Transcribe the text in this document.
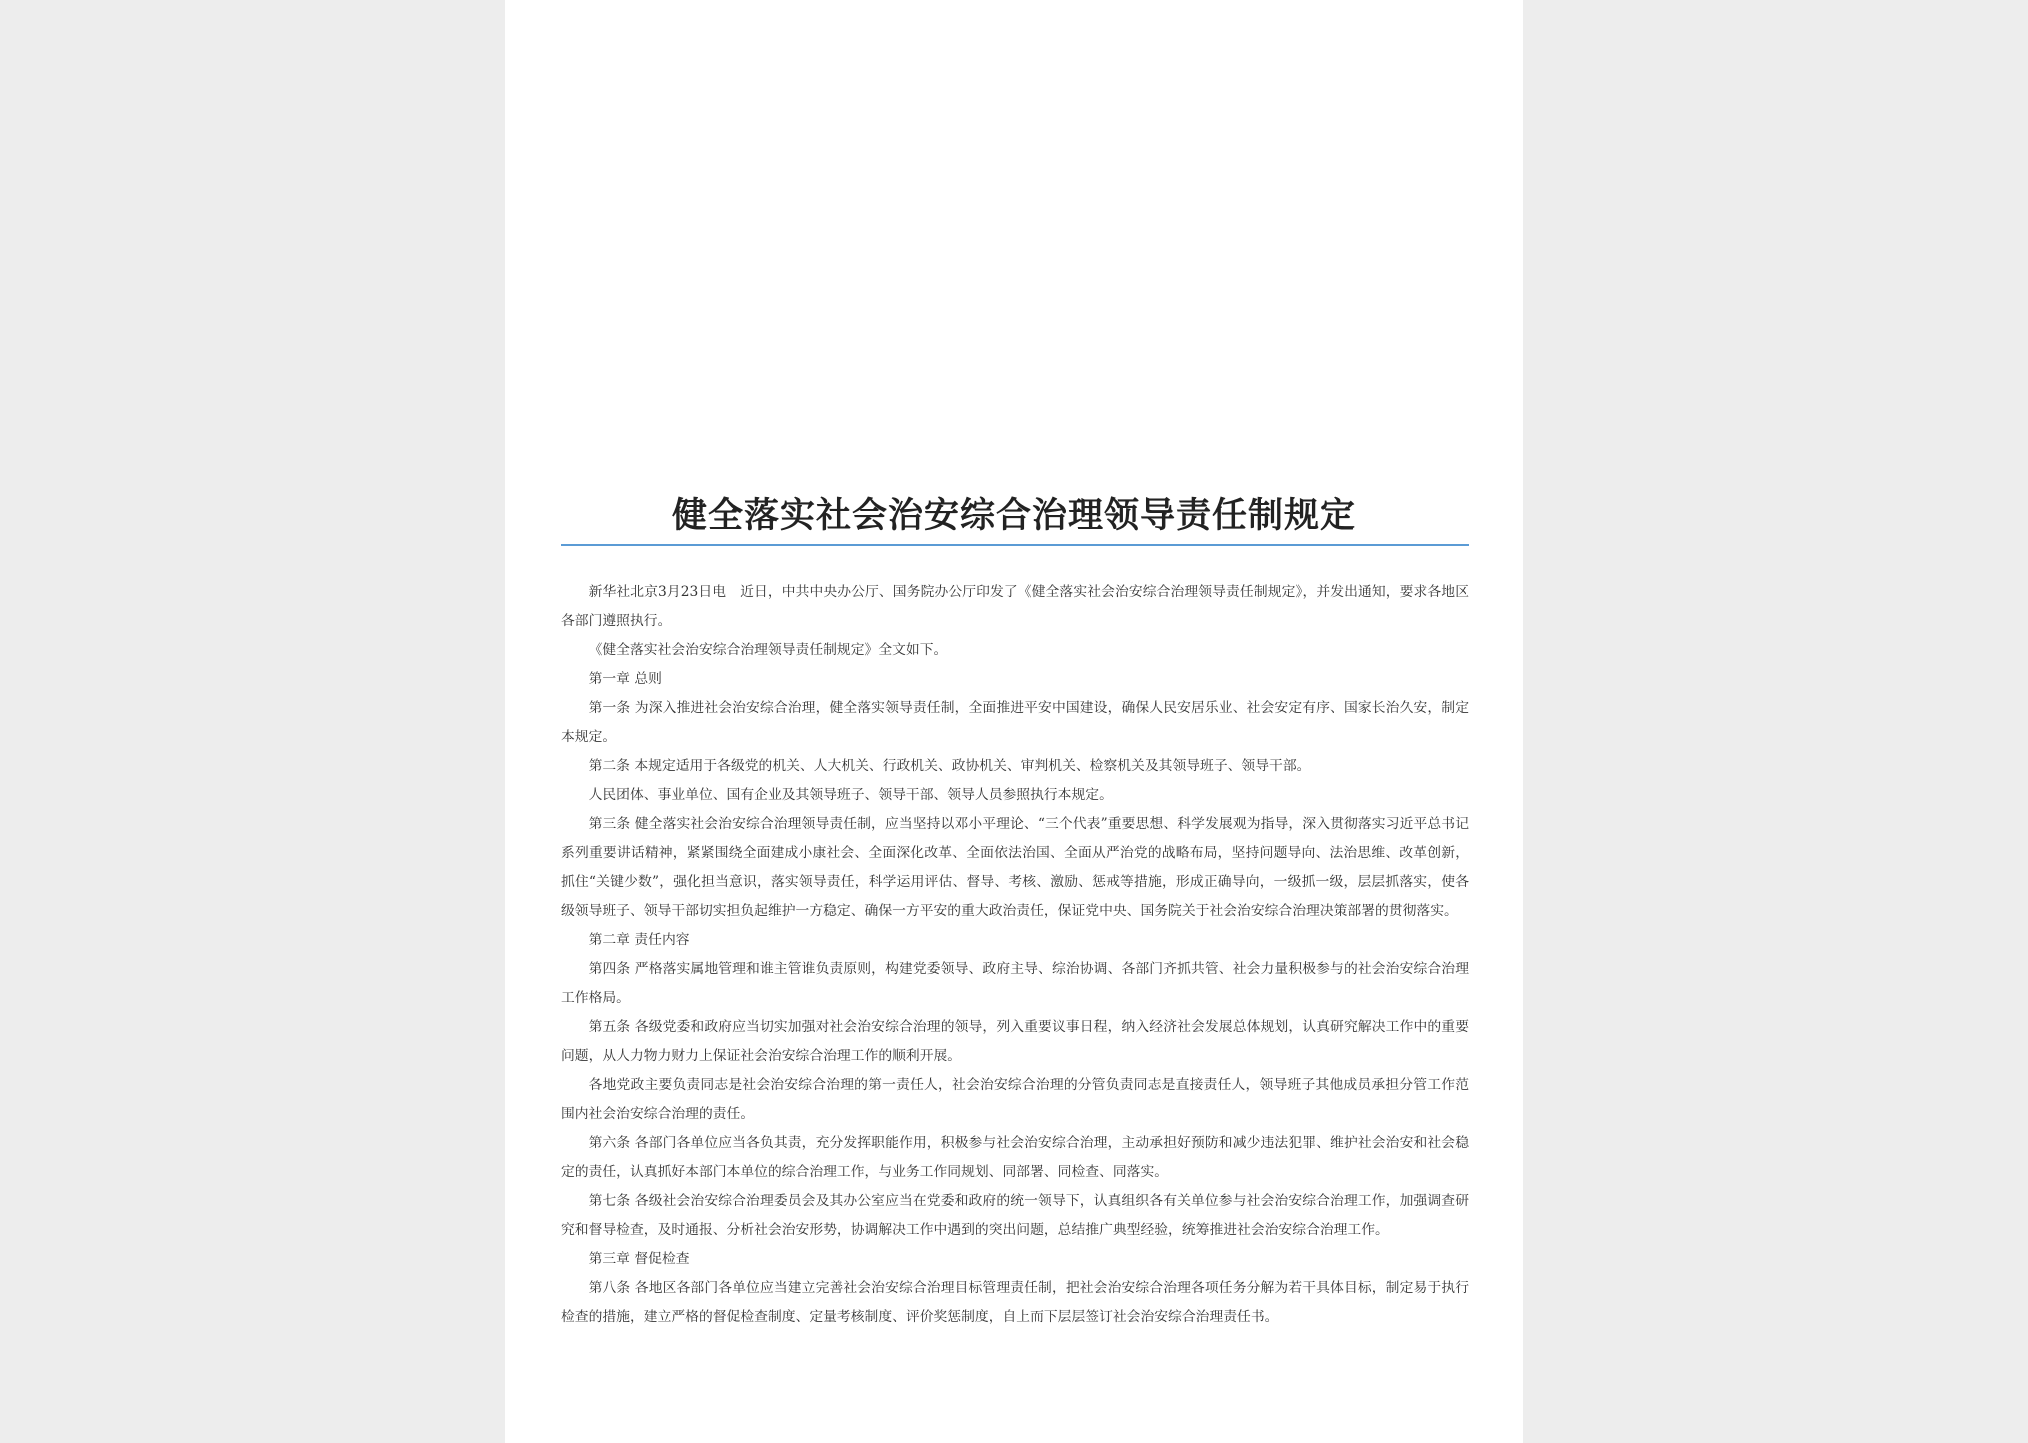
健全落实社会治安综合治理领导责任制规定

新华社北京3月23日电　近日，中共中央办公厅、国务院办公厅印发了《健全落实社会治安综合治理领导责任制规定》，并发出通知，要求各地区各部门遵照执行。

《健全落实社会治安综合治理领导责任制规定》全文如下。

第一章 总则

第一条 为深入推进社会治安综合治理，健全落实领导责任制，全面推进平安中国建设，确保人民安居乐业、社会安定有序、国家长治久安，制定本规定。

第二条 本规定适用于各级党的机关、人大机关、行政机关、政协机关、审判机关、检察机关及其领导班子、领导干部。

人民团体、事业单位、国有企业及其领导班子、领导干部、领导人员参照执行本规定。

第三条 健全落实社会治安综合治理领导责任制，应当坚持以邓小平理论、“三个代表”重要思想、科学发展观为指导，深入贯彻落实习近平总书记系列重要讲话精神，紧紧围绕全面建成小康社会、全面深化改革、全面依法治国、全面从严治党的战略布局，坚持问题导向、法治思维、改革创新，抓住“关键少数”，强化担当意识，落实领导责任，科学运用评估、督导、考核、激励、惩戒等措施，形成正确导向，一级抓一级，层层抓落实，使各级领导班子、领导干部切实担负起维护一方稳定、确保一方平安的重大政治责任，保证党中央、国务院关于社会治安综合治理决策部署的贯彻落实。

第二章 责任内容

第四条 严格落实属地管理和谁主管谁负责原则，构建党委领导、政府主导、综治协调、各部门齐抓共管、社会力量积极参与的社会治安综合治理工作格局。

第五条 各级党委和政府应当切实加强对社会治安综合治理的领导，列入重要议事日程，纳入经济社会发展总体规划，认真研究解决工作中的重要问题，从人力物力财力上保证社会治安综合治理工作的顺利开展。

各地党政主要负责同志是社会治安综合治理的第一责任人，社会治安综合治理的分管负责同志是直接责任人，领导班子其他成员承担分管工作范围内社会治安综合治理的责任。

第六条 各部门各单位应当各负其责，充分发挥职能作用，积极参与社会治安综合治理，主动承担好预防和减少违法犯罪、维护社会治安和社会稳定的责任，认真抓好本部门本单位的综合治理工作，与业务工作同规划、同部署、同检查、同落实。

第七条 各级社会治安综合治理委员会及其办公室应当在党委和政府的统一领导下，认真组织各有关单位参与社会治安综合治理工作，加强调查研究和督导检查，及时通报、分析社会治安形势，协调解决工作中遇到的突出问题，总结推广典型经验，统筹推进社会治安综合治理工作。

第三章 督促检查

第八条 各地区各部门各单位应当建立完善社会治安综合治理目标管理责任制，把社会治安综合治理各项任务分解为若干具体目标，制定易于执行检查的措施，建立严格的督促检查制度、定量考核制度、评价奖惩制度，自上而下层层签订社会治安综合治理责任书。
